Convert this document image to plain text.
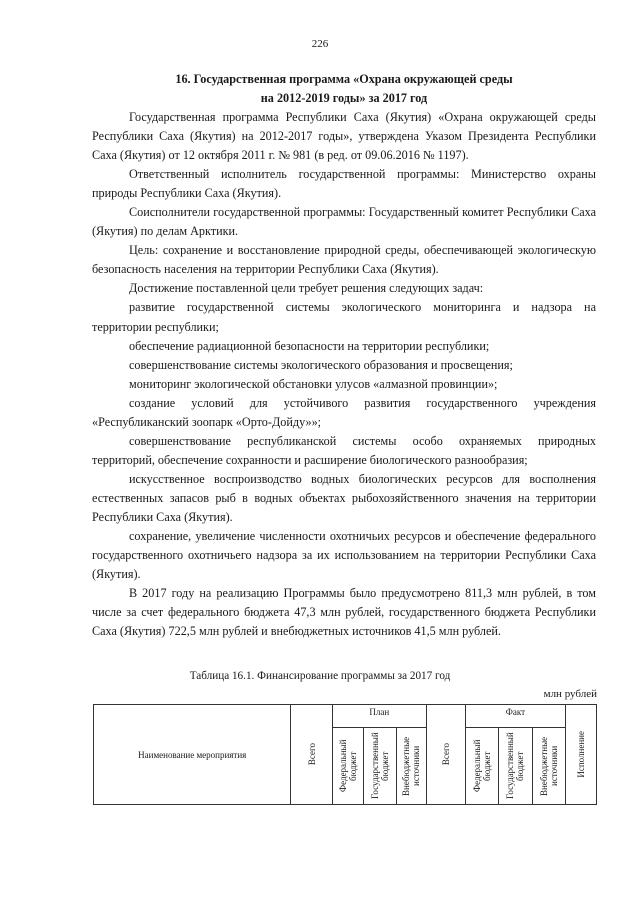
226
16. Государственная программа «Охрана окружающей среды
на 2012-2019 годы» за 2017 год

Государственная программа Республики Саха (Якутия) «Охрана окружающей среды Республики Саха (Якутия) на 2012-2017 годы», утверждена Указом Президента Республики Саха (Якутия) от 12 октября 2011 г. № 981 (в ред. от 09.06.2016 № 1197).

Ответственный исполнитель государственной программы: Министерство охраны природы Республики Саха (Якутия).

Соисполнители государственной программы: Государственный комитет Республики Саха (Якутия) по делам Арктики.

Цель: сохранение и восстановление природной среды, обеспечивающей экологическую безопасность населения на территории Республики Саха (Якутия).

Достижение поставленной цели требует решения следующих задач:

развитие государственной системы экологического мониторинга и надзора на территории республики;

обеспечение радиационной безопасности на территории республики;

совершенствование системы экологического образования и просвещения;

мониторинг экологической обстановки улусов «алмазной провинции»;

создание условий для устойчивого развития государственного учреждения «Республиканский зоопарк «Орто-Дойду»»;

совершенствование республиканской системы особо охраняемых природных территорий, обеспечение сохранности и расширение биологического разнообразия;

искусственное воспроизводство водных биологических ресурсов для восполнения естественных запасов рыб в водных объектах рыбохозяйственного значения на территории Республики Саха (Якутия).

сохранение, увеличение численности охотничьих ресурсов и обеспечение федерального государственного охотничьего надзора за их использованием на территории Республики Саха (Якутия).

В 2017 году на реализацию Программы было предусмотрено 811,3 млн рублей, в том числе за счет федерального бюджета 47,3 млн рублей, государственного бюджета Республики Саха (Якутия) 722,5 млн рублей и внебюджетных источников 41,5 млн рублей.

Таблица 16.1. Финансирование программы за 2017 год
млн рублей
Наименование мероприятия	Всего	План			Всего	Факт			Исполнение

		Федеральный бюджет	Государственный бюджет	Внебюджетные источники		Федеральный бюджет	Государственный бюджет	Внебюджетные источники	
